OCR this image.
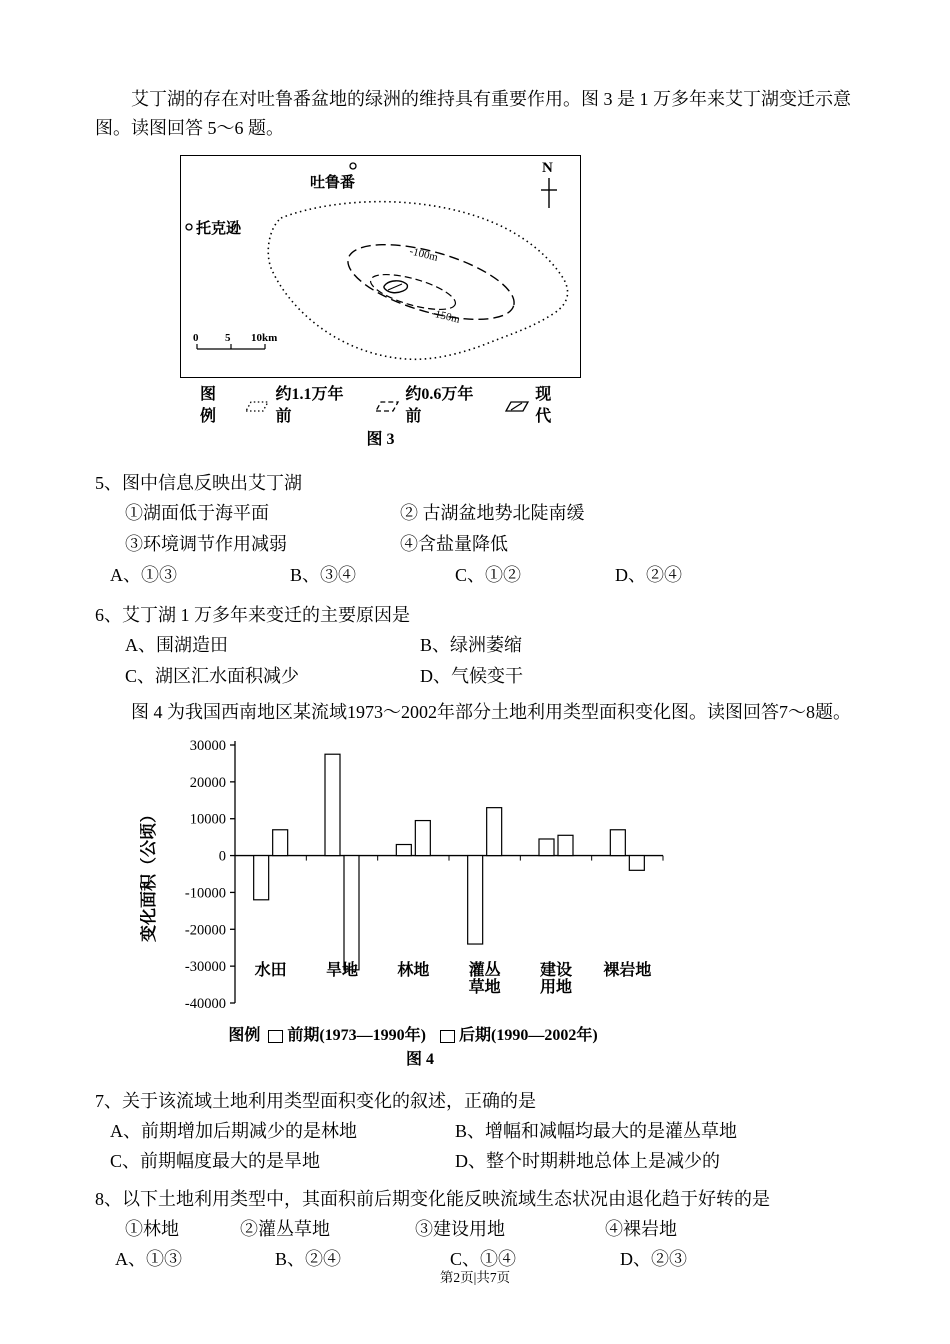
艾丁湖的存在对吐鲁番盆地的绿洲的维持具有重要作用。图 3 是 1 万多年来艾丁湖变迁示意图。读图回答 5～6 题。

吐鲁番
N
托克逊
-100m
-150m
0 5 10km
图例
约1.1万年前
约0.6万年前
现代
图 3
5、图中信息反映出艾丁湖
①湖面低于海平面	② 古湖盆地势北陡南缓
③环境调节作用减弱	④含盐量降低
A、①③	B、③④	C、①②	D、②④
6、艾丁湖 1 万多年来变迁的主要原因是
A、围湖造田	B、绿洲萎缩
C、湖区汇水面积减少	D、气候变干

图 4 为我国西南地区某流域1973～2002年部分土地利用类型面积变化图。读图回答7～8题。

-40000
-30000
-20000
-10000
0
10000
20000
30000
变化面积（公顷）
水田 旱地 林地 灌丛
草地
建设
用地
裸岩地
图例 前期(1973—1990年) 后期(1990—2002年)
图 4
7、关于该流域土地利用类型面积变化的叙述，正确的是
A、前期增加后期减少的是林地	B、增幅和减幅均最大的是灌丛草地
C、前期幅度最大的是旱地	D、整个时期耕地总体上是减少的
8、以下土地利用类型中，其面积前后期变化能反映流域生态状况由退化趋于好转的是
①林地	②灌丛草地	③建设用地	④裸岩地
A、①③	B、②④	C、①④	D、②③
第2页|共7页
